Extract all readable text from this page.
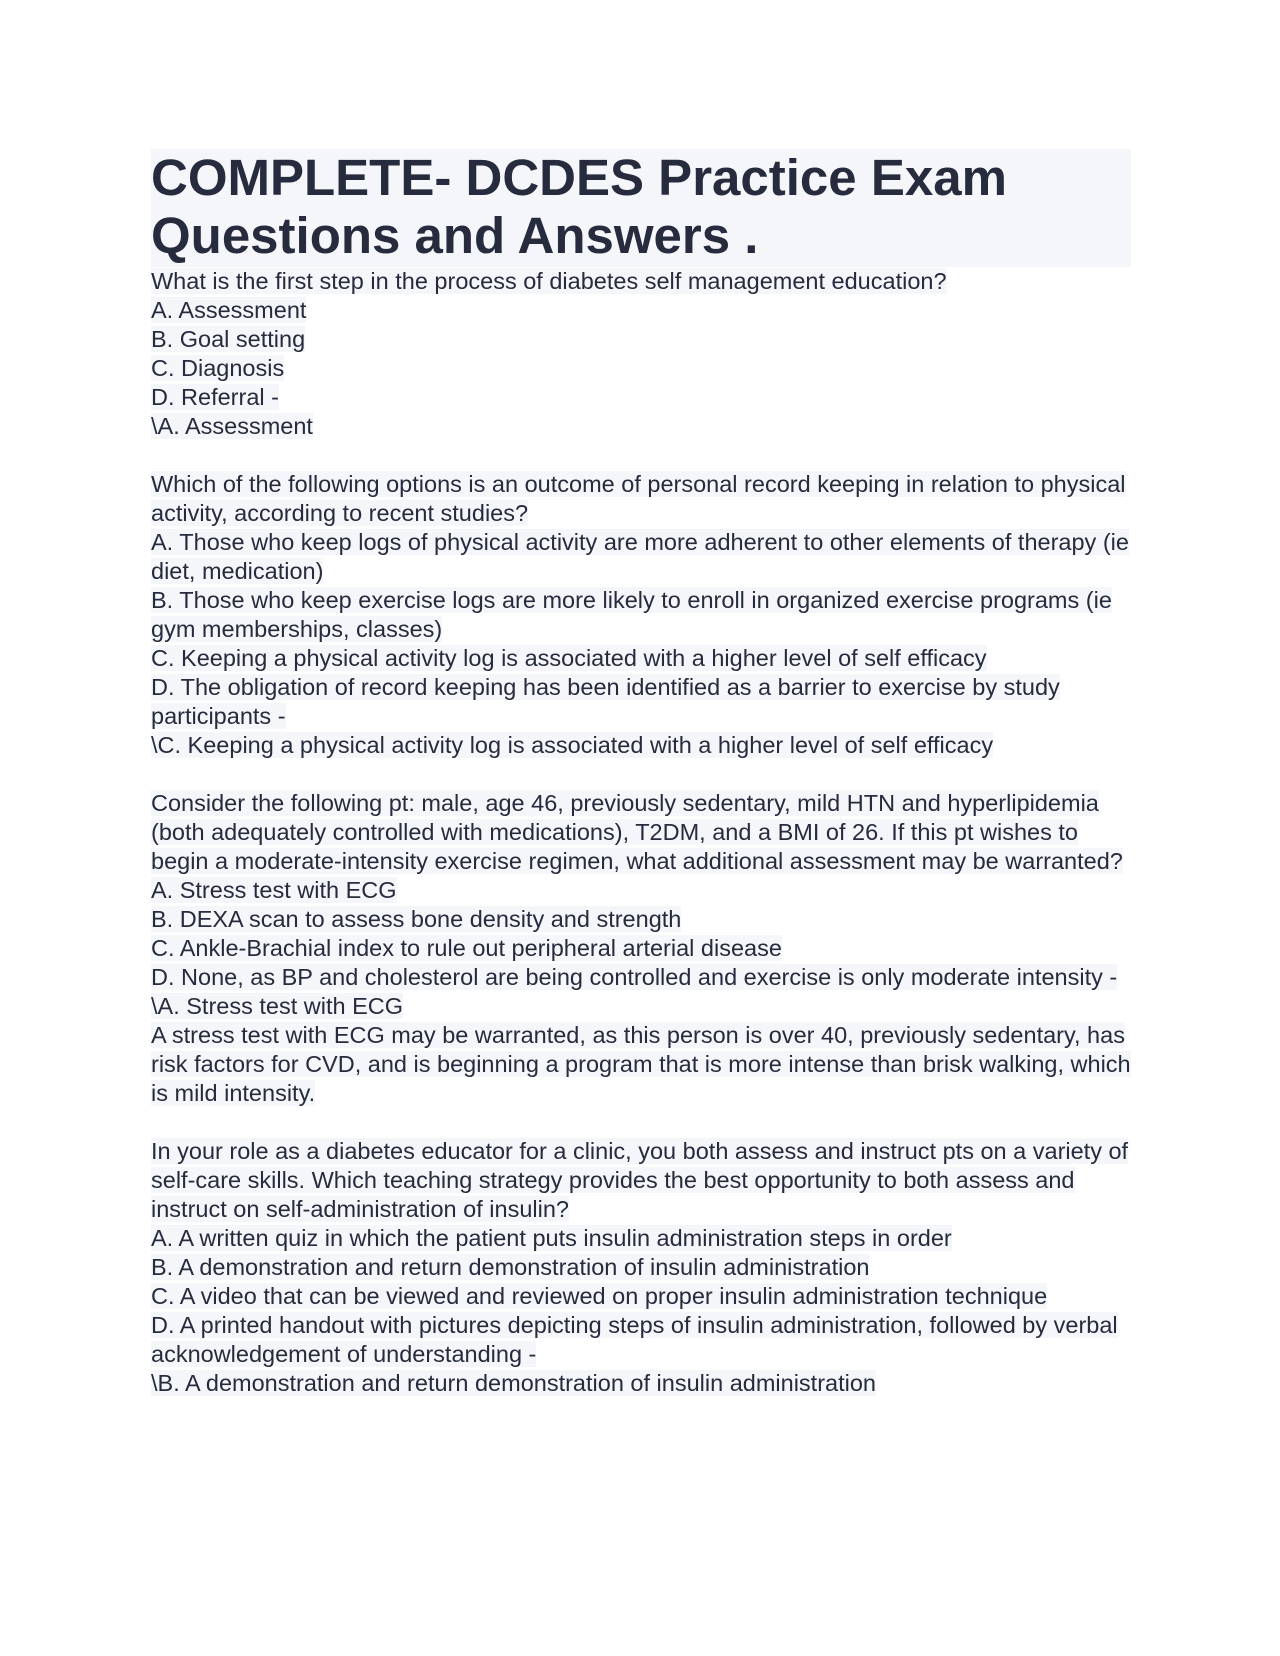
COMPLETE- DCDES Practice Exam Questions and Answers .
What is the first step in the process of diabetes self management education?
A. Assessment
B. Goal setting
C. Diagnosis
D. Referral -
\A. Assessment
Which of the following options is an outcome of personal record keeping in relation to physical activity, according to recent studies?
A. Those who keep logs of physical activity are more adherent to other elements of therapy (ie diet, medication)
B. Those who keep exercise logs are more likely to enroll in organized exercise programs (ie gym memberships, classes)
C. Keeping a physical activity log is associated with a higher level of self efficacy
D. The obligation of record keeping has been identified as a barrier to exercise by study participants -
\C. Keeping a physical activity log is associated with a higher level of self efficacy
Consider the following pt: male, age 46, previously sedentary, mild HTN and hyperlipidemia (both adequately controlled with medications), T2DM, and a BMI of 26. If this pt wishes to begin a moderate-intensity exercise regimen, what additional assessment may be warranted?
A. Stress test with ECG
B. DEXA scan to assess bone density and strength
C. Ankle-Brachial index to rule out peripheral arterial disease
D. None, as BP and cholesterol are being controlled and exercise is only moderate intensity -
\A. Stress test with ECG
A stress test with ECG may be warranted, as this person is over 40, previously sedentary, has risk factors for CVD, and is beginning a program that is more intense than brisk walking, which is mild intensity.
In your role as a diabetes educator for a clinic, you both assess and instruct pts on a variety of self-care skills. Which teaching strategy provides the best opportunity to both assess and instruct on self-administration of insulin?
A. A written quiz in which the patient puts insulin administration steps in order
B. A demonstration and return demonstration of insulin administration
C. A video that can be viewed and reviewed on proper insulin administration technique
D. A printed handout with pictures depicting steps of insulin administration, followed by verbal acknowledgement of understanding -
\B. A demonstration and return demonstration of insulin administration
